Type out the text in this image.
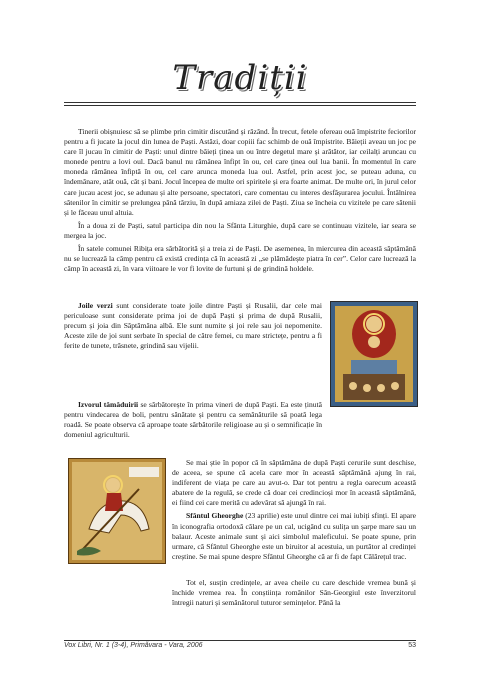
Tradiții

Tinerii obișnuiesc să se plimbe prin cimitir discutând și râzând. În trecut, fetele ofereau ouă împistrite feciorilor pentru a fi jucate la jocul din lunea de Paști. Astăzi, doar copiii fac schimb de ouă împistrite. Băieții aveau un joc pe care îl jucau în cimitir de Paști: unul dintre băieți ținea un ou între degetul mare și arătător, iar ceilalți aruncau cu monede pentru a lovi oul. Dacă banul nu rămânea înfipt în ou, cel care ținea oul lua banii. În momentul în care moneda rămânea înfiptă în ou, cel care arunca moneda lua oul. Astfel, prin acest joc, se puteau aduna, cu îndemânare, atât ouă, cât și bani. Jocul începea de multe ori spiritele și era foarte animat. De multe ori, în jurul celor care jucau acest joc, se adunau și alte persoane, spectatori, care comentau cu interes desfășurarea jocului. Întâlnirea sătenilor în cimitir se prelungea până târziu, în după amiaza zilei de Paști. Ziua se încheia cu vizitele pe care sătenii și le făceau unul altuia.

În a doua zi de Paști, satul participa din nou la Sfânta Liturghie, după care se continuau vizitele, iar seara se mergea la joc.

În satele comunei Ribița era sărbătorită și a treia zi de Paști. De asemenea, în miercurea din această săptămână nu se lucrează la câmp pentru că există credința că în această zi „se plămădește piatra în cer”. Celor care lucrează la câmp în această zi, în vara viitoare le vor fi lovite de furtuni și de grindină holdele.

Joile verzi sunt considerate toate joile dintre Paști și Rusalii, dar cele mai periculoase sunt considerate prima joi de după Paști și prima de după Rusalii, precum și joia din Săptămâna albă. Ele sunt numite și joi rele sau joi nepomenite. Aceste zile de joi sunt serbate în special de către femei, cu mare strictețe, pentru a fi ferite de tunete, trăsnete, grindină sau vijelii.

Izvorul tămăduirii se sărbătorește în prima vineri de după Paști. Ea este ținută pentru vindecarea de boli, pentru sănătate și pentru ca semănăturile să poată lega roadă. Se poate observa că aproape toate sărbătorile religioase au și o semnificație în domeniul agriculturii.

Se mai știe în popor că în săptămâna de după Paști cerurile sunt deschise, de aceea, se spune că acela care mor în această săptămână ajung în rai, indiferent de viața pe care au avut-o. Dar tot pentru a regla oarecum această abatere de la regulă, se crede că doar cei credincioși mor în această săptămână, ei fiind cei care merită cu adevărat să ajungă în rai.

Sfântul Gheorghe (23 aprilie) este unul dintre cei mai iubiți sfinți. El apare în iconografia ortodoxă călare pe un cal, ucigând cu sulița un șarpe mare sau un balaur. Aceste animale sunt și aici simbolul maleficului. Se poate spune, prin urmare, că Sfântul Gheorghe este un biruitor al acestuia, un purtător al credinței creștine. Se mai spune despre Sfântul Gheorghe că ar fi de fapt Călărețul trac.

Tot el, susțin credințele, ar avea cheile cu care deschide vremea bună și închide vremea rea. În conștiința românilor Sân-Georgiul este înverzitorul întregii naturi și semănătorul tuturor semințelor. Până la

Vox Libri, Nr. 1 (3-4), Primăvara - Vara, 2006	53
